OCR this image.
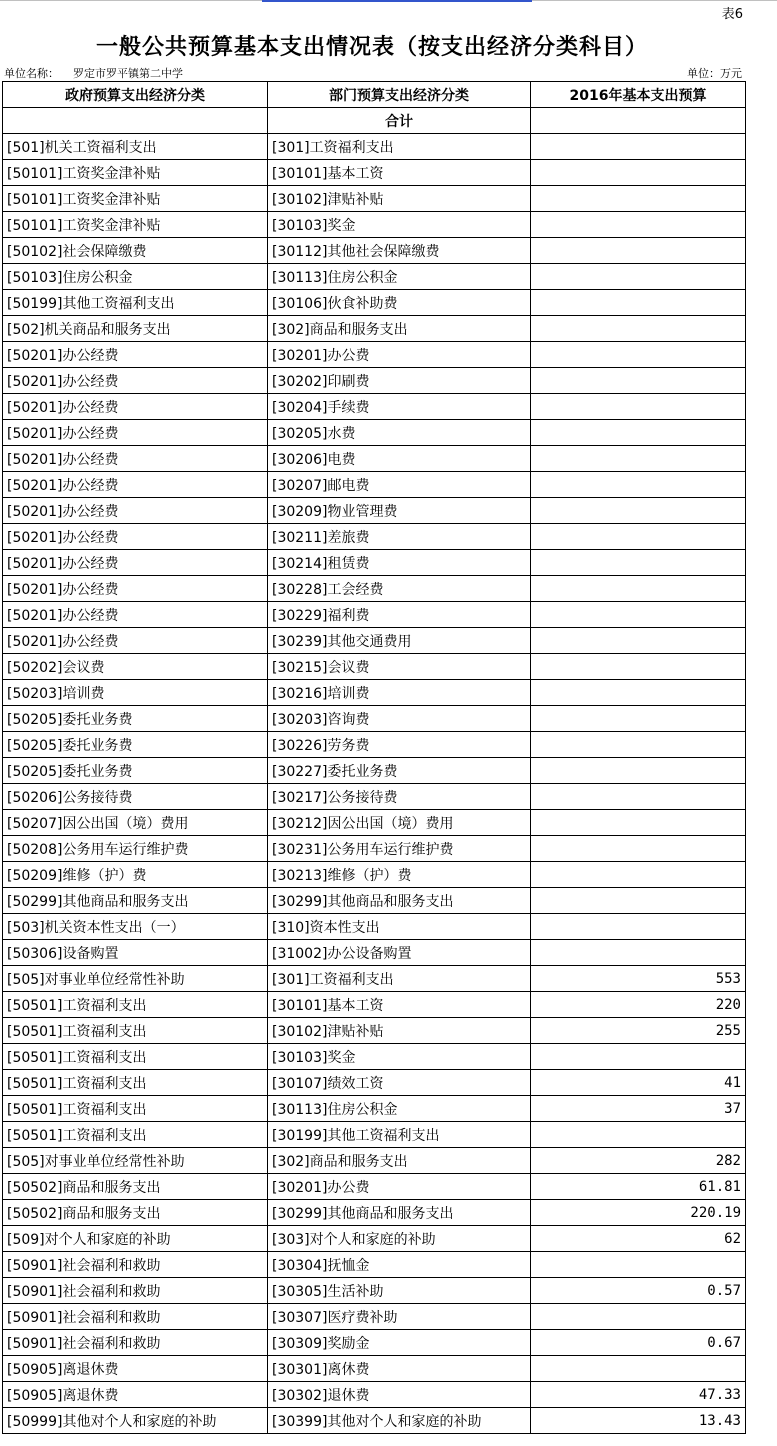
表6
一般公共预算基本支出情况表（按支出经济分类科目）
单位名称： 罗定市罗平镇第二中学	单位：万元
政府预算支出经济分类	部门预算支出经济分类	2016年基本支出预算
	合计	
[501]机关工资福利支出	[301]工资福利支出	
[50101]工资奖金津补贴	[30101]基本工资	
[50101]工资奖金津补贴	[30102]津贴补贴	
[50101]工资奖金津补贴	[30103]奖金	
[50102]社会保障缴费	[30112]其他社会保障缴费	
[50103]住房公积金	[30113]住房公积金	
[50199]其他工资福利支出	[30106]伙食补助费	
[502]机关商品和服务支出	[302]商品和服务支出	
[50201]办公经费	[30201]办公费	
[50201]办公经费	[30202]印刷费	
[50201]办公经费	[30204]手续费	
[50201]办公经费	[30205]水费	
[50201]办公经费	[30206]电费	
[50201]办公经费	[30207]邮电费	
[50201]办公经费	[30209]物业管理费	
[50201]办公经费	[30211]差旅费	
[50201]办公经费	[30214]租赁费	
[50201]办公经费	[30228]工会经费	
[50201]办公经费	[30229]福利费	
[50201]办公经费	[30239]其他交通费用	
[50202]会议费	[30215]会议费	
[50203]培训费	[30216]培训费	
[50205]委托业务费	[30203]咨询费	
[50205]委托业务费	[30226]劳务费	
[50205]委托业务费	[30227]委托业务费	
[50206]公务接待费	[30217]公务接待费	
[50207]因公出国（境）费用	[30212]因公出国（境）费用	
[50208]公务用车运行维护费	[30231]公务用车运行维护费	
[50209]维修（护）费	[30213]维修（护）费	
[50299]其他商品和服务支出	[30299]其他商品和服务支出	
[503]机关资本性支出（一）	[310]资本性支出	
[50306]设备购置	[31002]办公设备购置	
[505]对事业单位经常性补助	[301]工资福利支出	553
[50501]工资福利支出	[30101]基本工资	220
[50501]工资福利支出	[30102]津贴补贴	255
[50501]工资福利支出	[30103]奖金	
[50501]工资福利支出	[30107]绩效工资	41
[50501]工资福利支出	[30113]住房公积金	37
[50501]工资福利支出	[30199]其他工资福利支出	
[505]对事业单位经常性补助	[302]商品和服务支出	282
[50502]商品和服务支出	[30201]办公费	61.81
[50502]商品和服务支出	[30299]其他商品和服务支出	220.19
[509]对个人和家庭的补助	[303]对个人和家庭的补助	62
[50901]社会福利和救助	[30304]抚恤金	
[50901]社会福利和救助	[30305]生活补助	0.57
[50901]社会福利和救助	[30307]医疗费补助	
[50901]社会福利和救助	[30309]奖励金	0.67
[50905]离退休费	[30301]离休费	
[50905]离退休费	[30302]退休费	47.33
[50999]其他对个人和家庭的补助	[30399]其他对个人和家庭的补助	13.43
